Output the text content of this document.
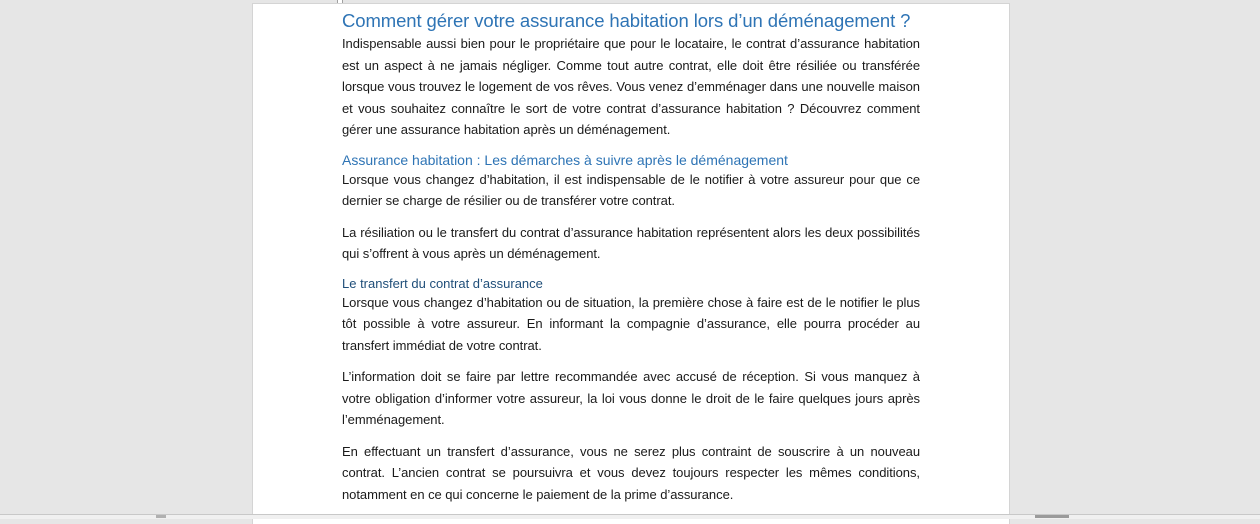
Comment gérer votre assurance habitation lors d’un déménagement ?

Indispensable aussi bien pour le propriétaire que pour le locataire, le contrat d’assurance habitation est un aspect à ne jamais négliger. Comme tout autre contrat, elle doit être résiliée ou transférée lorsque vous trouvez le logement de vos rêves. Vous venez d’emménager dans une nouvelle maison et vous souhaitez connaître le sort de votre contrat d’assurance habitation ? Découvrez comment gérer une assurance habitation après un déménagement.

Assurance habitation : Les démarches à suivre après le déménagement

Lorsque vous changez d’habitation, il est indispensable de le notifier à votre assureur pour que ce dernier se charge de résilier ou de transférer votre contrat.

La résiliation ou le transfert du contrat d’assurance habitation représentent alors les deux possibilités qui s’offrent à vous après un déménagement.

Le transfert du contrat d’assurance

Lorsque vous changez d’habitation ou de situation, la première chose à faire est de le notifier le plus tôt possible à votre assureur. En informant la compagnie d’assurance, elle pourra procéder au transfert immédiat de votre contrat.

L’information doit se faire par lettre recommandée avec accusé de réception. Si vous manquez à votre obligation d’informer votre assureur, la loi vous donne le droit de le faire quelques jours après l’emménagement.

En effectuant un transfert d’assurance, vous ne serez plus contraint de souscrire à un nouveau contrat. L’ancien contrat se poursuivra et vous devez toujours respecter les mêmes conditions, notamment en ce qui concerne le paiement de la prime d’assurance.
